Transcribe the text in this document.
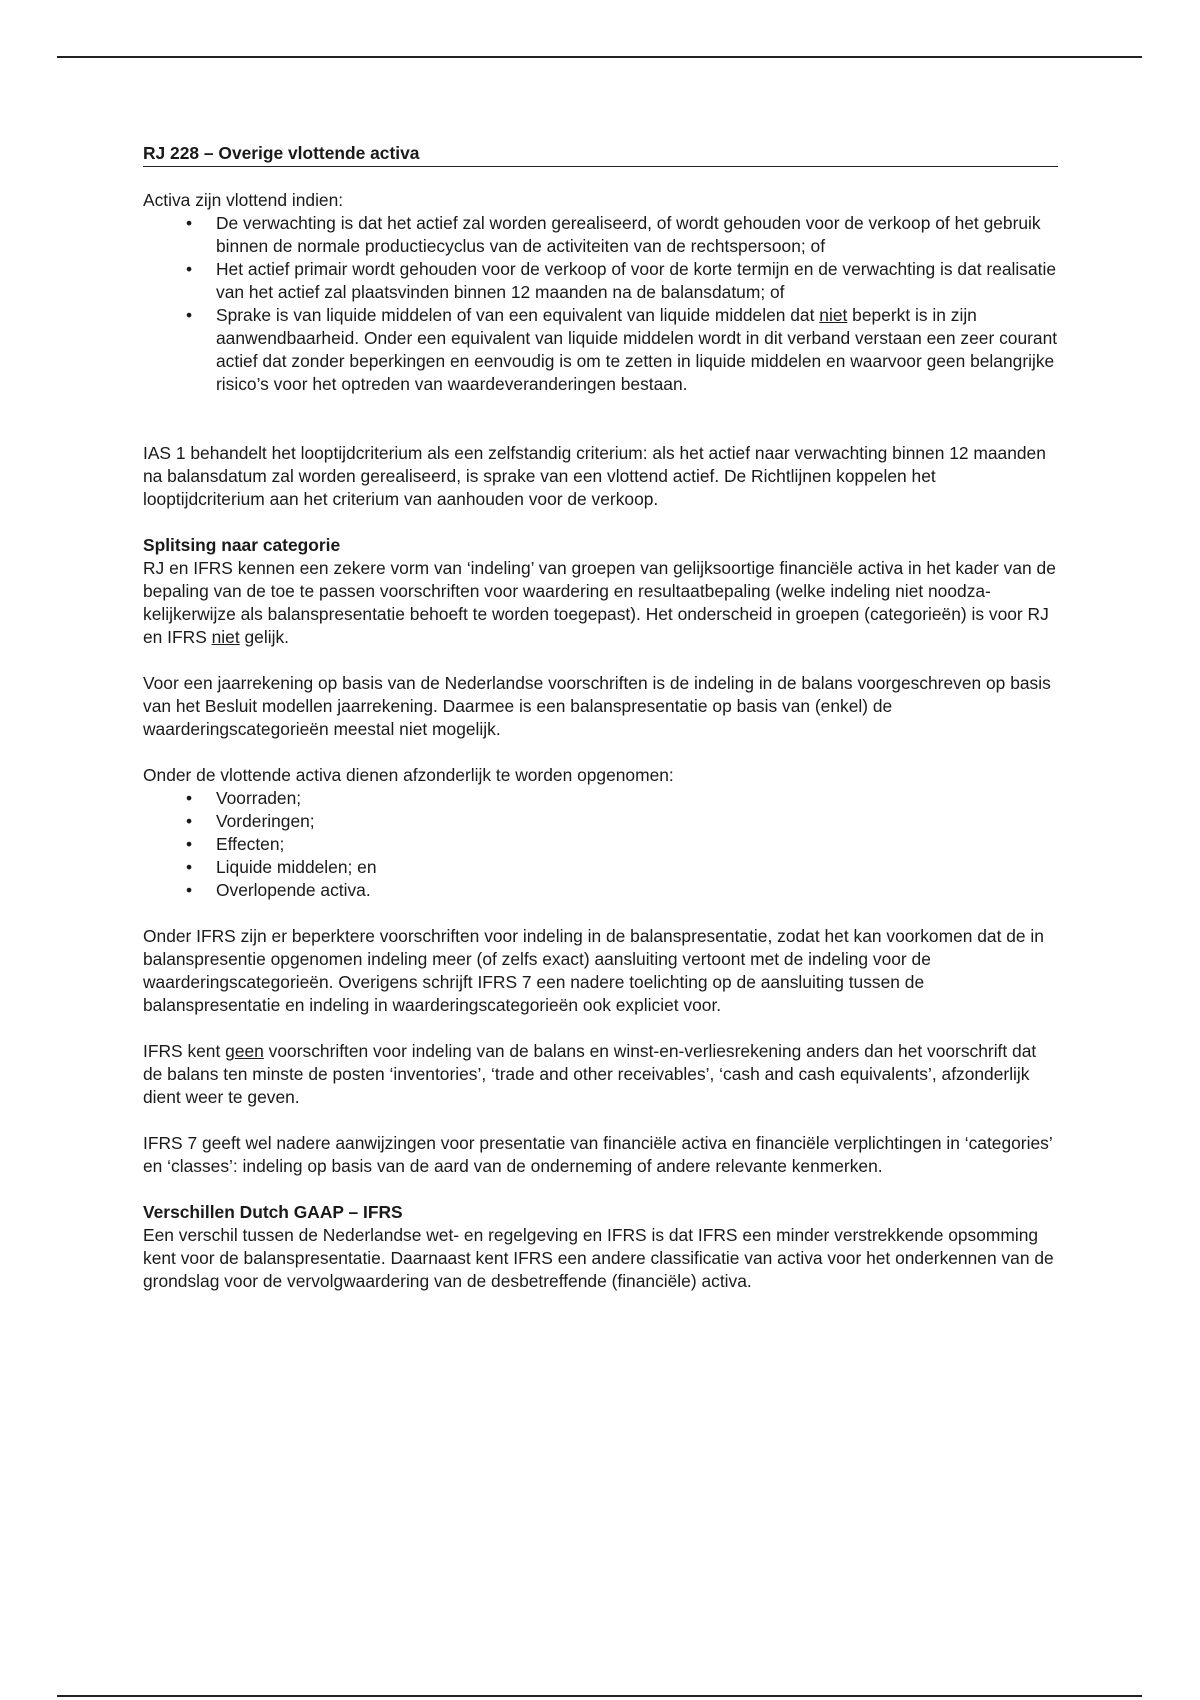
RJ 228 – Overige vlottende activa

Activa zijn vlottend indien:

• De verwachting is dat het actief zal worden gerealiseerd, of wordt gehouden voor de verkoop of het gebruik binnen de normale productiecyclus van de activiteiten van de rechtspersoon; of
• Het actief primair wordt gehouden voor de verkoop of voor de korte termijn en de verwachting is dat realisatie van het actief zal plaatsvinden binnen 12 maanden na de balansdatum; of
• Sprake is van liquide middelen of van een equivalent van liquide middelen dat niet beperkt is in zijn aanwendbaarheid. Onder een equivalent van liquide middelen wordt in dit verband verstaan een zeer courant actief dat zonder beperkingen en eenvoudig is om te zetten in liquide middelen en waarvoor geen belangrijke risico’s voor het optreden van waardeveranderingen bestaan.

IAS 1 behandelt het looptijdcriterium als een zelfstandig criterium: als het actief naar verwachting binnen 12 maanden na balansdatum zal worden gerealiseerd, is sprake van een vlottend actief. De Richtlijnen koppelen het looptijdcriterium aan het criterium van aanhouden voor de verkoop.

Splitsing naar categorie

RJ en IFRS kennen een zekere vorm van ‘indeling’ van groepen van gelijksoortige financiële activa in het kader van de bepaling van de toe te passen voorschriften voor waardering en resultaatbepaling (welke indeling niet noodza-kelijkerwijze als balanspresentatie behoeft te worden toegepast). Het onderscheid in groepen (categorieën) is voor RJ en IFRS niet gelijk.

Voor een jaarrekening op basis van de Nederlandse voorschriften is de indeling in de balans voorgeschreven op basis van het Besluit modellen jaarrekening. Daarmee is een balanspresentatie op basis van (enkel) de waarderingscategorieën meestal niet mogelijk.

Onder de vlottende activa dienen afzonderlijk te worden opgenomen:

• Voorraden;
• Vorderingen;
• Effecten;
• Liquide middelen; en
• Overlopende activa.

Onder IFRS zijn er beperktere voorschriften voor indeling in de balanspresentatie, zodat het kan voorkomen dat de in balanspresentie opgenomen indeling meer (of zelfs exact) aansluiting vertoont met de indeling voor de waarderingscategorieën. Overigens schrijft IFRS 7 een nadere toelichting op de aansluiting tussen de balanspresentatie en indeling in waarderingscategorieën ook expliciet voor.

IFRS kent geen voorschriften voor indeling van de balans en winst-en-verliesrekening anders dan het voorschrift dat de balans ten minste de posten ‘inventories’, ‘trade and other receivables’, ‘cash and cash equivalents’, afzonderlijk dient weer te geven.

IFRS 7 geeft wel nadere aanwijzingen voor presentatie van financiële activa en financiële verplichtingen in ‘categories’ en ‘classes’: indeling op basis van de aard van de onderneming of andere relevante kenmerken.

Verschillen Dutch GAAP – IFRS

Een verschil tussen de Nederlandse wet- en regelgeving en IFRS is dat IFRS een minder verstrekkende opsomming kent voor de balanspresentatie. Daarnaast kent IFRS een andere classificatie van activa voor het onderkennen van de grondslag voor de vervolgwaardering van de desbetreffende (financiële) activa.
